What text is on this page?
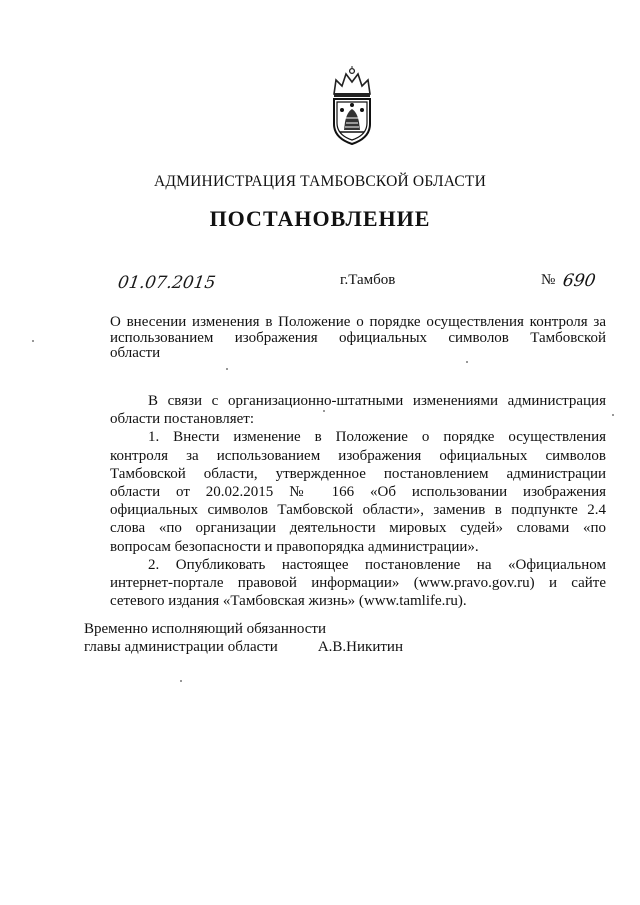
АДМИНИСТРАЦИЯ ТАМБОВСКОЙ ОБЛАСТИ
ПОСТАНОВЛЕНИЕ
01.07.2015	г.Тамбов	№ 690
О внесении изменения в Положение о порядке осуществления контроля за
использованием изображения официальных символов Тамбовской
области
В связи с организационно-штатными изменениями администрация
области постановляет:
1. Внести изменение в Положение о порядке осуществления
контроля за использованием изображения официальных символов
Тамбовской области, утвержденное постановлением администрации
области от 20.02.2015 № 166 «Об использовании изображения
официальных символов Тамбовской области», заменив в подпункте 2.4
слова «по организации деятельности мировых судей» словами «по
вопросам безопасности и правопорядка администрации».
2. Опубликовать настоящее постановление на «Официальном
интернет-портале правовой информации» (www.pravo.gov.ru) и сайте
сетевого издания «Тамбовская жизнь» (www.tamlife.ru).
Временно исполняющий обязанности
главы администрации области	А.В.Никитин
